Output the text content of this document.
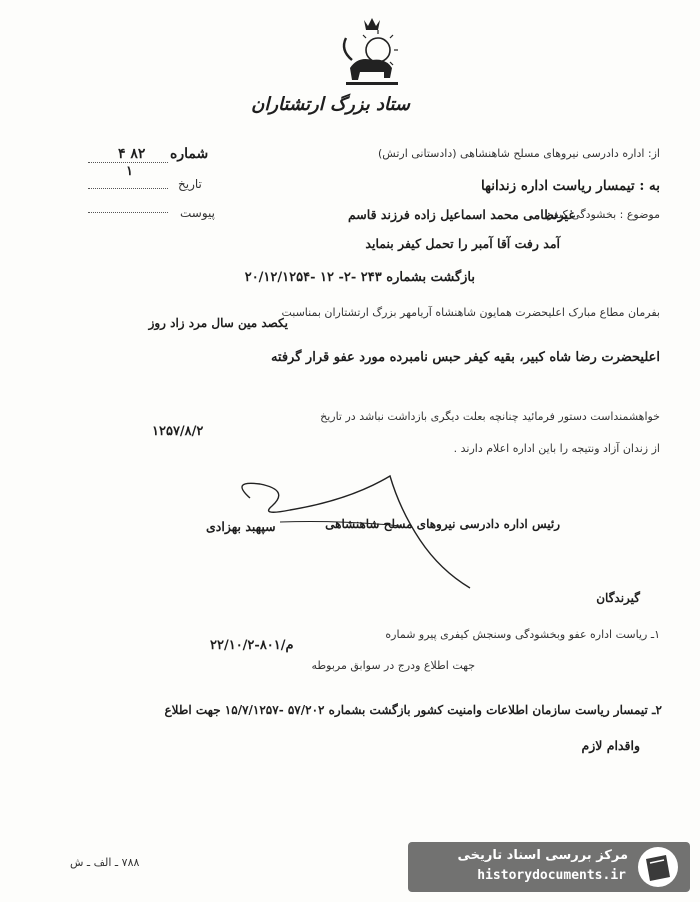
ستاد بزرگ ارتشتاران
شماره
۴ ۸۲
۱
تاریخ
پیوست
از: اداره دادرسی نیروهای مسلح شاهنشاهی (دادستانی ارتش)
به : تیمسار ریاست اداره زندانها
موضوع : بخشودگی کیفر
غیرنظامی محمد اسماعیل زاده فرزند قاسم
آمد رفت آقا آمبر را تحمل کیفر بنماید
بازگشت بشماره ۲۴۳ -۲- ۱۲ -۲۰/۱۲/۱۲۵۴
بفرمان مطاع مبارک اعلیحضرت همایون شاهنشاه آریامهر بزرگ ارتشتاران بمناسبت
یکصد مین سال مرد زاد روز
اعلیحضرت رضا شاه کبیر، بقیه کیفر حبس نامبرده مورد عفو قرار گرفته
خواهشمنداست دستور فرمائید چنانچه بعلت دیگری بازداشت نباشد در تاریخ
۱۲۵۷/۸/۲
از زندان آزاد ونتیجه را باین اداره اعلام دارند .
رئیس اداره دادرسی نیروهای مسلح شاهنشاهی
سپهبد بهزادی
گیرندگان
۱ـ ریاست اداره عفو وبخشودگی وسنجش کیفری پیرو شماره
۲۲/۱۰/۲-م/۸۰۱
جهت اطلاع ودرج در سوابق مربوطه
۲ـ تیمسار ریاست سازمان اطلاعات وامنیت کشور بازگشت بشماره ۵۷/۲۰۲ -۱۵/۷/۱۲۵۷ جهت اطلاع
واقدام لازم
۷۸۸ ـ الف ـ ش	مرکز بررسی اسناد تاریخی
historydocuments.ir
